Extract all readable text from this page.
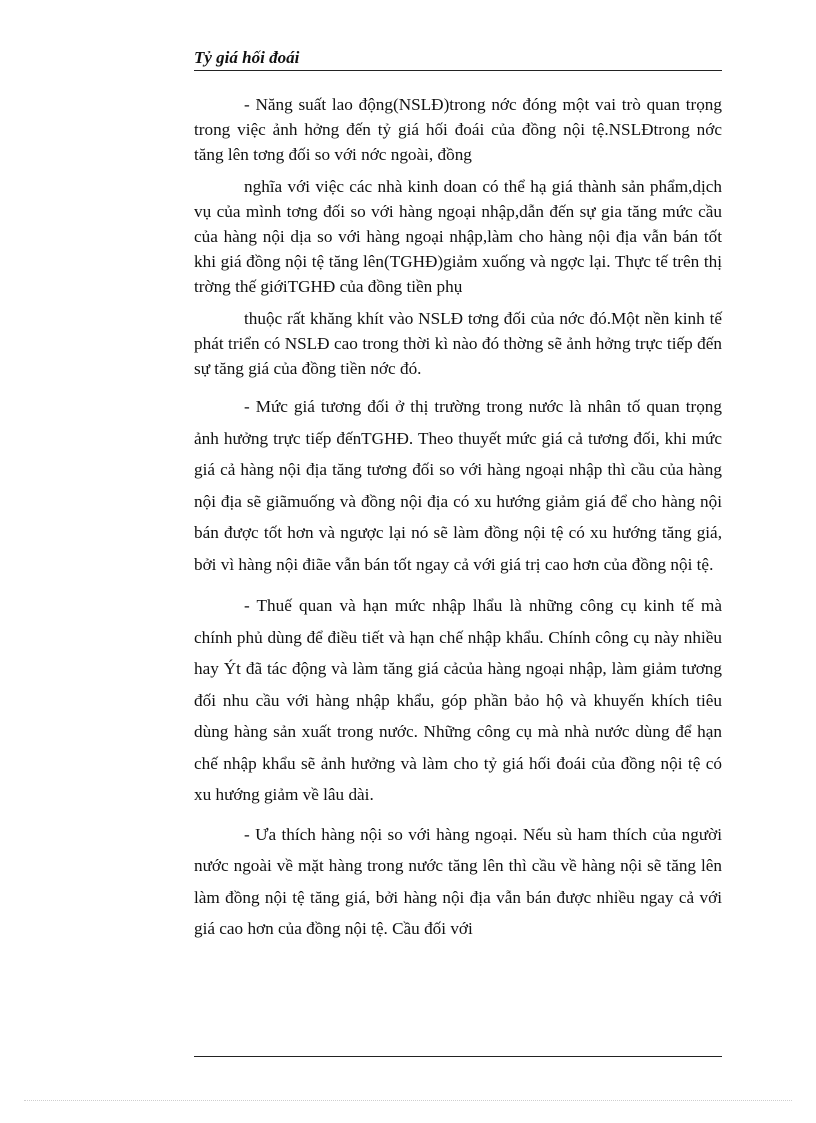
Tỷ giá hối đoái

- Năng suất lao động(NSLĐ)trong nớc đóng một vai trò quan trọng trong việc ảnh hởng đến tỷ giá hối đoái của đồng nội tệ.NSLĐtrong nớc tăng lên tơng đối so với nớc ngoài, đồng

nghĩa với việc các nhà kinh doan có thể hạ giá thành sản phẩm,dịch vụ của mình tơng đối so với hàng ngoại nhập,dẫn đến sự gia tăng mức cầu của hàng nội dịa so với hàng ngoại nhập,làm cho hàng nội địa vẫn bán tốt khi giá đồng nội tệ tăng lên(TGHĐ)giảm xuống và ngợc lại. Thực tế trên thị trờng thế giớiTGHĐ của đồng tiền phụ

thuộc rất khăng khít vào NSLĐ tơng đối của nớc đó.Một nền kinh tế phát triển có NSLĐ cao trong thời kì nào đó thờng sẽ ảnh hởng trực tiếp đến sự tăng giá của đồng tiền nớc đó.

- Mức giá tương đối ở thị trường trong nước là nhân tố quan trọng ảnh hưởng trực tiếp đếnTGHĐ. Theo thuyết mức giá cả tương đối, khi mức giá cả hàng nội địa tăng tương đối so với hàng ngoại nhập thì cầu của hàng nội địa sẽ giãmuống và đồng nội địa có xu hướng giảm giá để cho hàng nội bán được tốt hơn và ngược lại nó sẽ làm đồng nội tệ có xu hướng tăng giá, bởi vì hàng nội điãe vẫn bán tốt ngay cả với giá trị cao hơn của đồng nội tệ.

- Thuế quan và hạn mức nhập lhẩu là những công cụ kinh tế mà chính phủ dùng để điều tiết và hạn chế nhập khẩu. Chính công cụ này nhiều hay Ýt đã tác động và làm tăng giá cảcủa hàng ngoại nhập, làm giảm tương đối nhu cầu với hàng nhập khẩu, góp phần bảo hộ và khuyến khích tiêu dùng hàng sản xuất trong nước. Những công cụ mà nhà nước dùng để hạn chế nhập khẩu sẽ ảnh hưởng và làm cho tỷ giá hối đoái của đồng nội tệ có xu hướng giảm về lâu dài.

- Ưa thích hàng nội so với hàng ngoại. Nếu sù ham thích của người nước ngoài về mặt hàng trong nước tăng lên thì cầu về hàng nội sẽ tăng lên làm đồng nội tệ tăng giá, bởi hàng nội địa vẫn bán được nhiều ngay cả với giá cao hơn của đồng nội tệ. Cầu đối với
